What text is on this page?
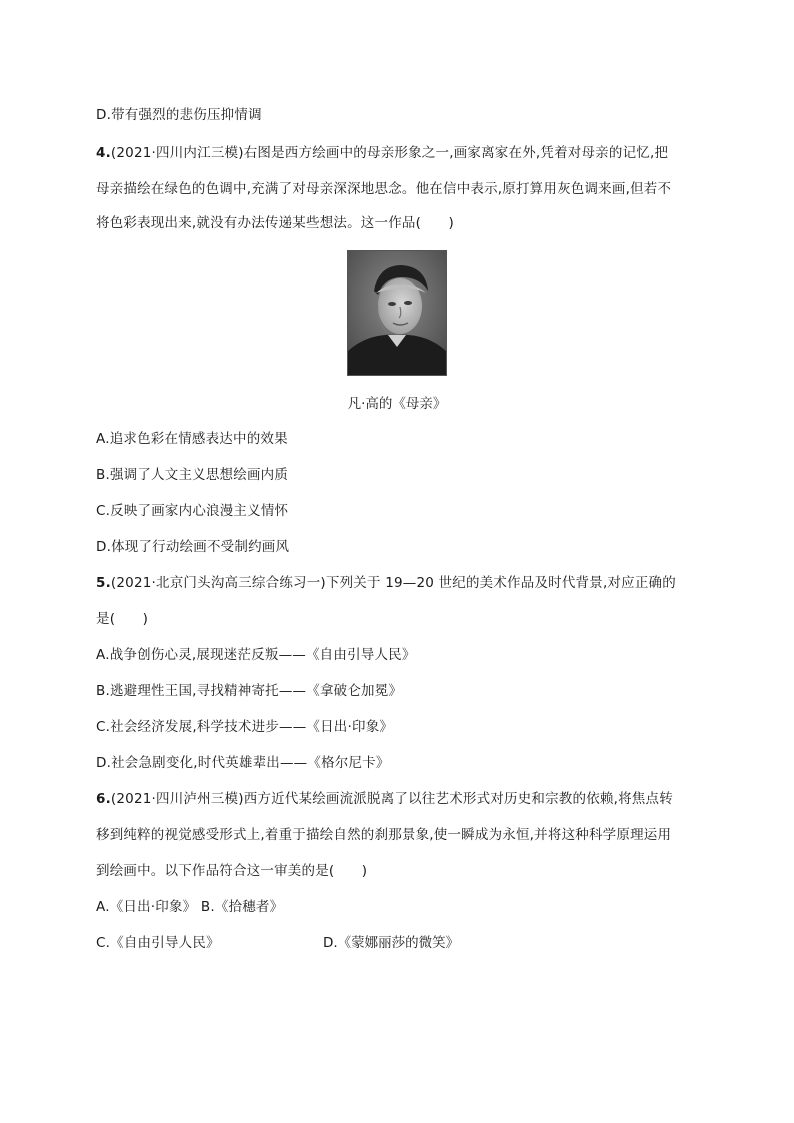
D.带有强烈的悲伤压抑情调
4.(2021·四川内江三模)右图是西方绘画中的母亲形象之一,画家离家在外,凭着对母亲的记忆,把
母亲描绘在绿色的色调中,充满了对母亲深深地思念。他在信中表示,原打算用灰色调来画,但若不
将色彩表现出来,就没有办法传递某些想法。这一作品(　　)
凡·高的《母亲》
A.追求色彩在情感表达中的效果
B.强调了人文主义思想绘画内质
C.反映了画家内心浪漫主义情怀
D.体现了行动绘画不受制约画风
5.(2021·北京门头沟高三综合练习一)下列关于 19—20 世纪的美术作品及时代背景,对应正确的
是(　　)
A.战争创伤心灵,展现迷茫反叛——《自由引导人民》
B.逃避理性王国,寻找精神寄托——《拿破仑加冕》
C.社会经济发展,科学技术进步——《日出·印象》
D.社会急剧变化,时代英雄辈出——《格尔尼卡》
6.(2021·四川泸州三模)西方近代某绘画流派脱离了以往艺术形式对历史和宗教的依赖,将焦点转
移到纯粹的视觉感受形式上,着重于描绘自然的刹那景象,使一瞬成为永恒,并将这种科学原理运用
到绘画中。以下作品符合这一审美的是(　　)
A.《日出·印象》 B.《拾穗者》
C.《自由引导人民》	D.《蒙娜丽莎的微笑》
